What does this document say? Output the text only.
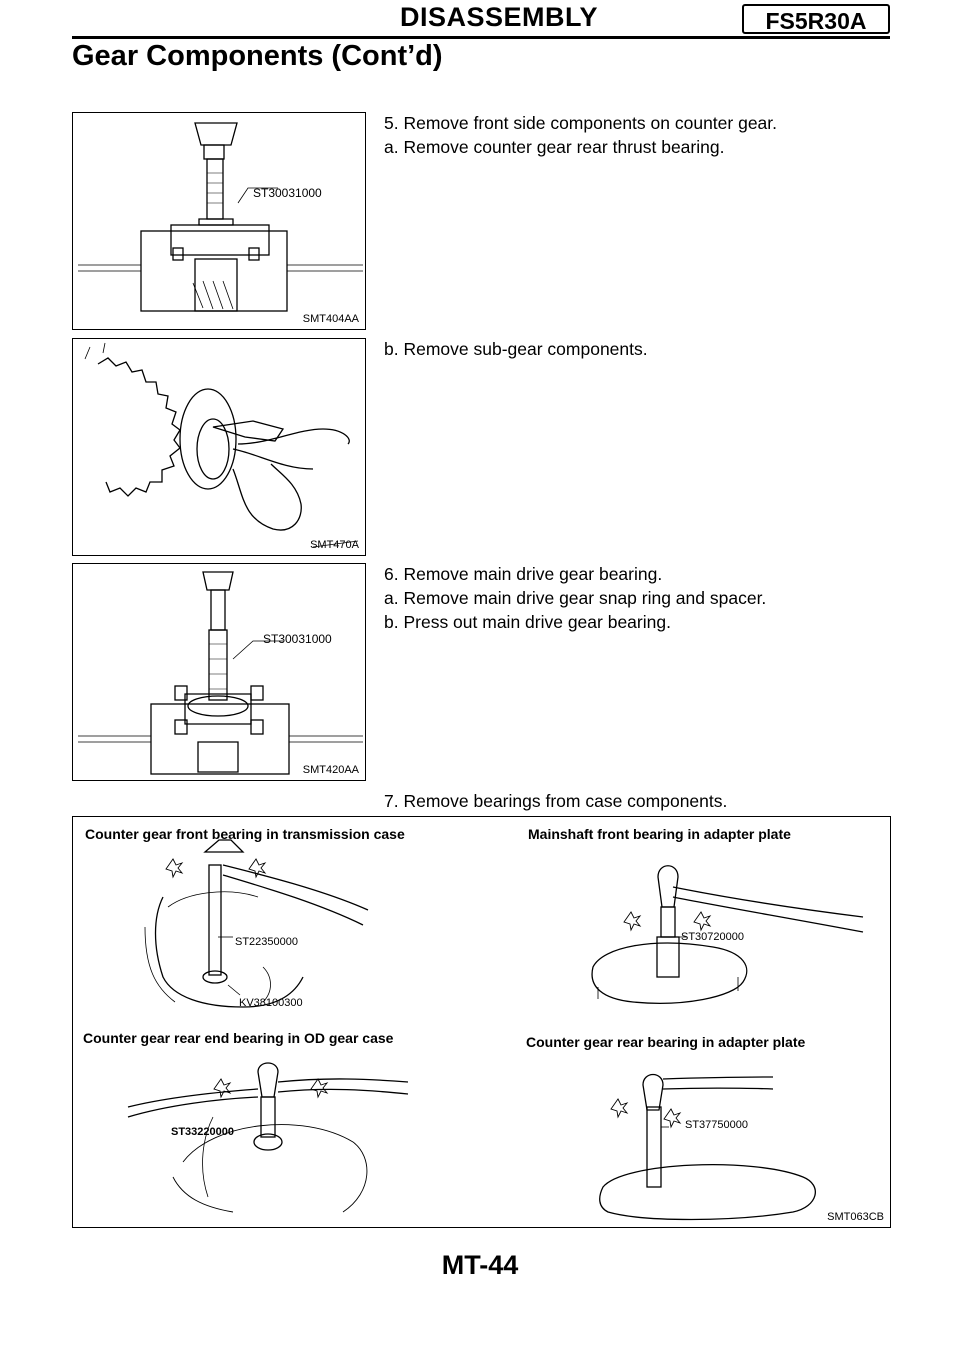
DISASSEMBLY	FS5R30A
Gear Components (Cont’d)
ST30031000
SMT404AA
5. Remove front side components on counter gear.
a. Remove counter gear rear thrust bearing.
SMT470A
b. Remove sub-gear components.
ST30031000
SMT420AA
6. Remove main drive gear bearing.
a. Remove main drive gear snap ring and spacer.
b. Press out main drive gear bearing.
7. Remove bearings from case components.
Counter gear front bearing in transmission case	Mainshaft front bearing in adapter plate
Counter gear rear end bearing in OD gear case	Counter gear rear bearing in adapter plate
ST22350000
KV38100300
ST30720000
ST33220000
ST37750000
SMT063CB
MT-44
